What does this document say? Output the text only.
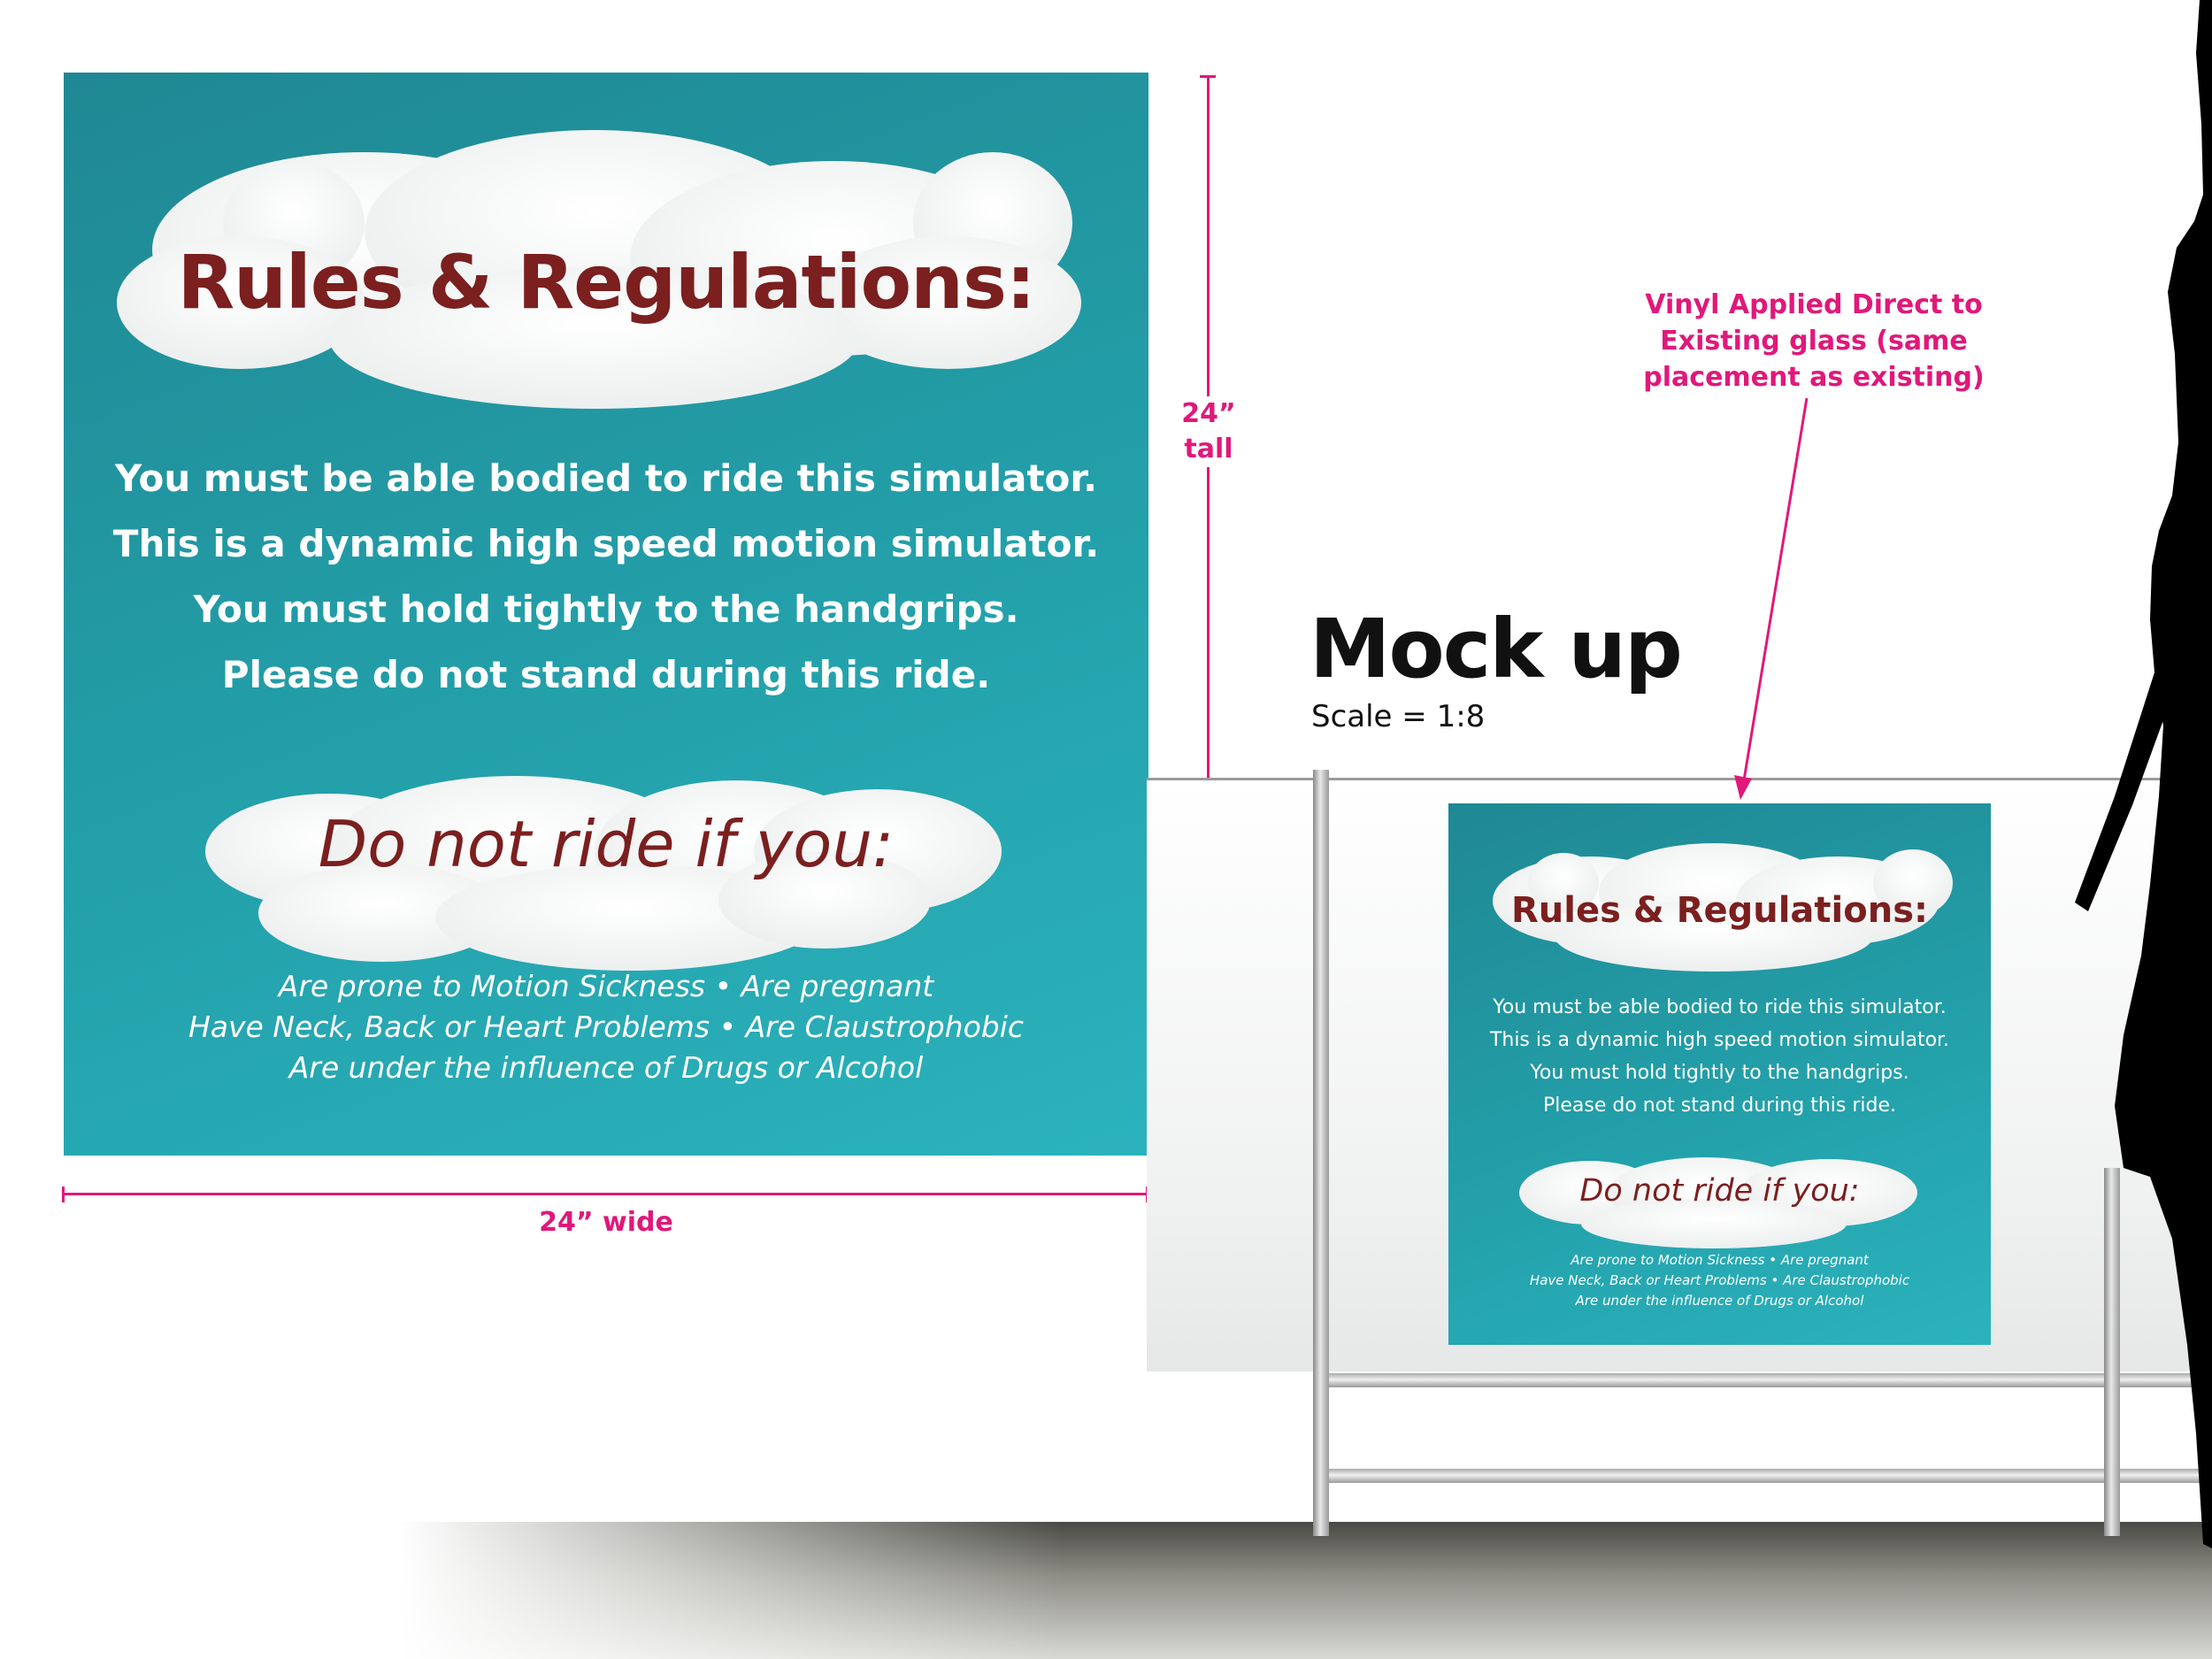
Rules & Regulations:
You must be able bodied to ride this simulator.
This is a dynamic high speed motion simulator.
You must hold tightly to the handgrips.
Please do not stand during this ride.
Do not ride if you:
Are prone to Motion Sickness • Are pregnant
Have Neck, Back or Heart Problems • Are Claustrophobic
Are under the influence of Drugs or Alcohol
24”
tall
24” wide
Mock up
Scale = 1:8
Vinyl Applied Direct to
Existing glass (same
placement as existing)
Rules & Regulations:
You must be able bodied to ride this simulator.
This is a dynamic high speed motion simulator.
You must hold tightly to the handgrips.
Please do not stand during this ride.
Do not ride if you:
Are prone to Motion Sickness • Are pregnant
Have Neck, Back or Heart Problems • Are Claustrophobic
Are under the influence of Drugs or Alcohol
